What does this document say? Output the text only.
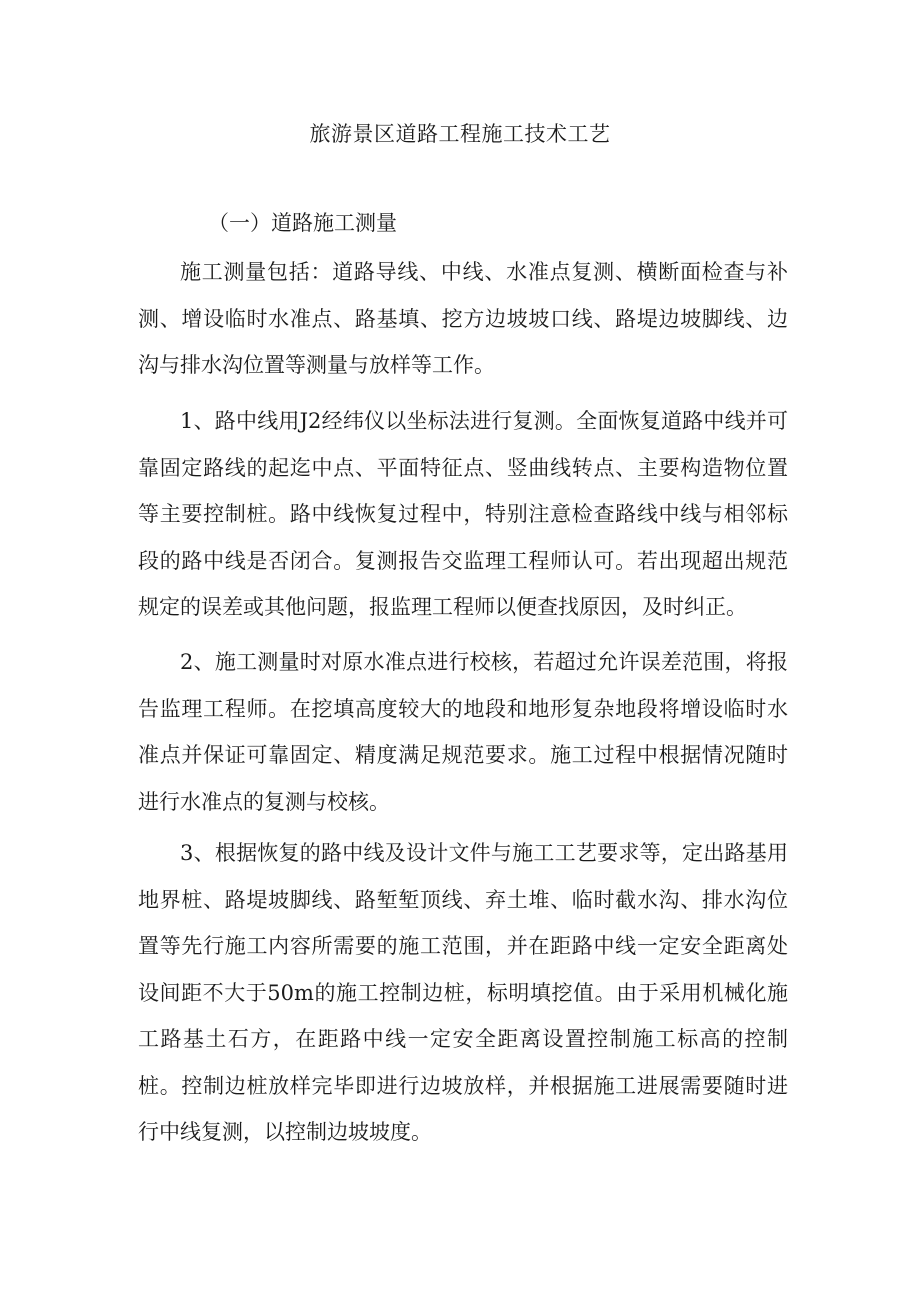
旅游景区道路工程施工技术工艺
（一）道路施工测量

施工测量包括：道路导线、中线、水准点复测、横断面检查与补测、增设临时水准点、路基填、挖方边坡坡口线、路堤边坡脚线、边沟与排水沟位置等测量与放样等工作。

1、路中线用J2经纬仪以坐标法进行复测。全面恢复道路中线并可靠固定路线的起迄中点、平面特征点、竖曲线转点、主要构造物位置等主要控制桩。路中线恢复过程中，特别注意检查路线中线与相邻标段的路中线是否闭合。复测报告交监理工程师认可。若出现超出规范规定的误差或其他问题，报监理工程师以便查找原因，及时纠正。

2、施工测量时对原水准点进行校核，若超过允许误差范围，将报告监理工程师。在挖填高度较大的地段和地形复杂地段将增设临时水准点并保证可靠固定、精度满足规范要求。施工过程中根据情况随时进行水准点的复测与校核。

3、根据恢复的路中线及设计文件与施工工艺要求等，定出路基用地界桩、路堤坡脚线、路堑堑顶线、弃土堆、临时截水沟、排水沟位置等先行施工内容所需要的施工范围，并在距路中线一定安全距离处设间距不大于50m的施工控制边桩，标明填挖值。由于采用机械化施工路基土石方，在距路中线一定安全距离设置控制施工标高的控制桩。控制边桩放样完毕即进行边坡放样，并根据施工进展需要随时进行中线复测，以控制边坡坡度。
